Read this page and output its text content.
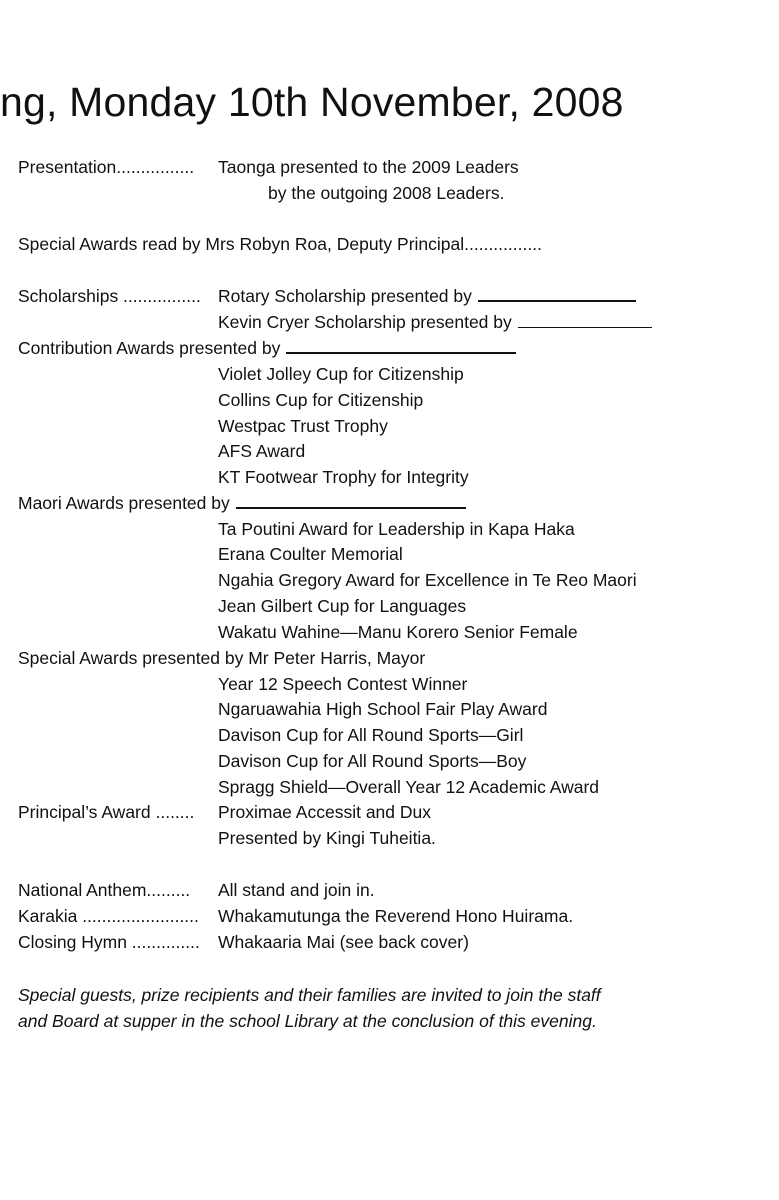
ng, Monday 10th November, 2008
Presentation................ Taonga presented to the 2009 Leaders
by the outgoing 2008 Leaders.
Special Awards read by Mrs Robyn Roa, Deputy Principal................
Scholarships ................ Rotary Scholarship presented by
Kevin Cryer Scholarship presented by
Contribution Awards presented by
Violet Jolley Cup for Citizenship
Collins Cup for Citizenship
Westpac Trust Trophy
AFS Award
KT Footwear Trophy for Integrity
Maori Awards presented by
Ta Poutini Award for Leadership in Kapa Haka
Erana Coulter Memorial
Ngahia Gregory Award for Excellence in Te Reo Maori
Jean Gilbert Cup for Languages
Wakatu Wahine—Manu Korero Senior Female
Special Awards presented by Mr Peter Harris, Mayor
Year 12 Speech Contest Winner
Ngaruawahia High School Fair Play Award
Davison Cup for All Round Sports—Girl
Davison Cup for All Round Sports—Boy
Spragg Shield—Overall Year 12 Academic Award
Principal’s Award ........ Proximae Accessit and Dux
Presented by Kingi Tuheitia.
National Anthem......... All stand and join in.
Karakia ........................ Whakamutunga the Reverend Hono Huirama.
Closing Hymn .............. Whakaaria Mai (see back cover)
Special guests, prize recipients and their families are invited to join the staff
and Board at supper in the school Library at the conclusion of this evening.
